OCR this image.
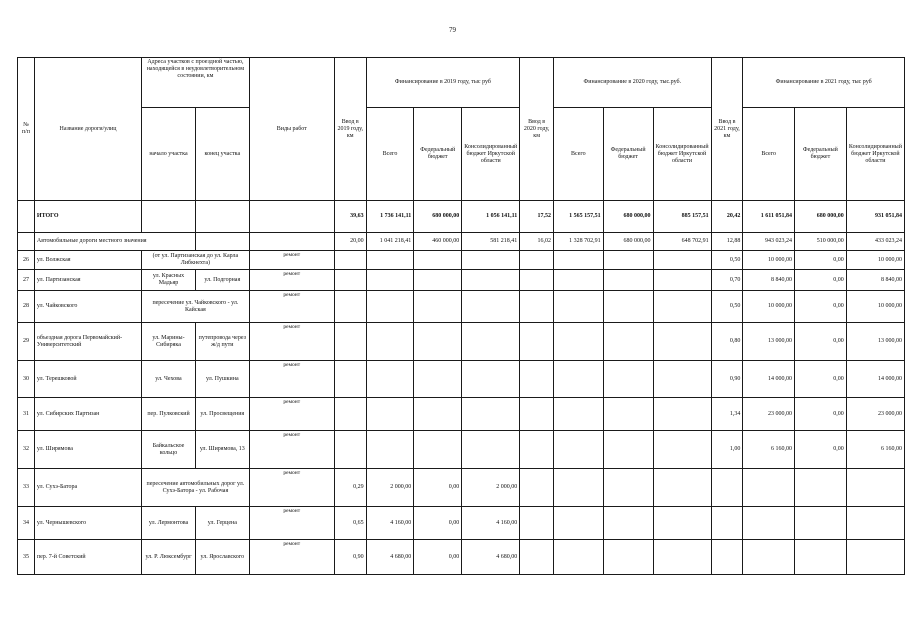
79
№ п/п	Название дороги/улиц	Адреса участков с проездной частью, находящейся в неудовлетворительном состоянии, км		Виды работ	Ввод в 2019 году, км	Финансирование в 2019 году, тыс руб			Ввод в 2020 году, км	Финансирование в 2020 году, тыс.руб.			Ввод в 2021 году, км	Финансирование в 2021 году, тыс руб		
		начало участка	конец участка			Всего	Федеральный бюджет	Консолидированный бюджет Иркутской области		Всего	Федеральный бюджет	Консолидированный бюджет Иркутской области		Всего	Федеральный бюджет	Консолидированный бюджет Иркутской области

	ИТОГО				39,63	1 736 141,11	680 000,00	1 056 141,11	17,52	1 565 157,51	680 000,00	885 157,51	20,42	1 611 051,84	680 000,00	931 051,84
	Автомобильные дороги местного значения				20,00	1 041 218,41	460 000,00	581 218,41	16,02	1 328 702,91	680 000,00	648 702,91	12,88	943 023,24	510 000,00	433 023,24
26	ул. Волжская	(от ул. Партизанская до ул. Карла Либкнехта)		ремонт									0,50	10 000,00	0,00	10 000,00
27	ул. Партизанская	ул. Красных Мадьяр	ул. Подгорная	ремонт									0,70	8 840,00	0,00	8 840,00
28	ул. Чайковского	пересечение ул. Чайковского - ул. Кайская		ремонт									0,50	10 000,00	0,00	10 000,00
29	объездная дорога Первомайский-Университетский	ул. Марины-Сибиряка	путепровода через ж/д пути	ремонт									0,80	13 000,00	0,00	13 000,00
30	ул. Терешковой	ул. Чехова	ул. Пушкина	ремонт									0,90	14 000,00	0,00	14 000,00
31	ул. Сибирских Партизан	пер. Пулковский	ул. Просвещения	ремонт									1,34	23 000,00	0,00	23 000,00
32	ул. Ширямова	Байкальское кольцо	ул. Ширямова, 13	ремонт									1,00	6 160,00	0,00	6 160,00
33	ул. Сухэ-Батора	пересечение автомобильных дорог ул. Сухэ-Батора - ул. Рабочая		ремонт	0,29	2 000,00	0,00	2 000,00								
34	ул. Чернышевского	ул. Лермонтова	ул. Герцена	ремонт	0,65	4 160,00	0,00	4 160,00								
35	пер. 7-й Советский	ул. Р. Люксембург	ул. Ярославского	ремонт	0,90	4 680,00	0,00	4 680,00								
